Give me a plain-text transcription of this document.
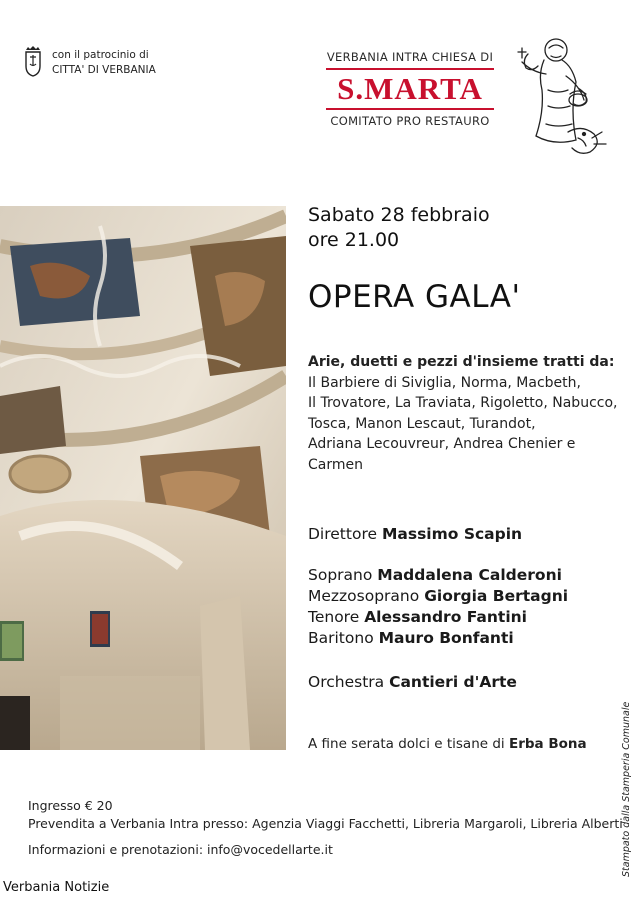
con il patrocinio di
CITTA' DI VERBANIA
VERBANIA INTRA CHIESA DI
S.MARTA
COMITATO PRO RESTAURO
Sabato 28 febbraio
ore 21.00
OPERA GALA'
Arie, duetti e pezzi d'insieme tratti da:
Il Barbiere di Siviglia, Norma, Macbeth,
Il Trovatore, La Traviata, Rigoletto, Nabucco,
Tosca, Manon Lescaut, Turandot,
Adriana Lecouvreur, Andrea Chenier e
Carmen
Direttore Massimo Scapin
Soprano Maddalena Calderoni
Mezzosoprano Giorgia Bertagni
Tenore Alessandro Fantini
Baritono Mauro Bonfanti
Orchestra Cantieri d'Arte
A fine serata dolci e tisane di Erba Bona
Ingresso € 20
Prevendita a Verbania Intra presso: Agenzia Viaggi Facchetti, Libreria Margaroli, Libreria Alberti
Informazioni e prenotazioni: info@vocedellarte.it	Stampato dalla Stamperia Comunale
Verbania Notizie
